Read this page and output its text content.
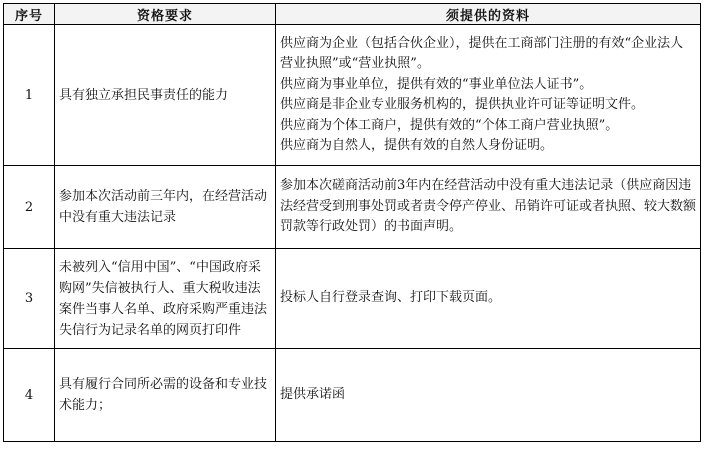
序号	资格要求	须提供的资料
1	具有独立承担民事责任的能力	供应商为企业（包括合伙企业），提供在工商部门注册的有效“企业法人营业执照”或“营业执照”。
供应商为事业单位，提供有效的“事业单位法人证书”。
供应商是非企业专业服务机构的，提供执业许可证等证明文件。
供应商为个体工商户，提供有效的“个体工商户营业执照”。
供应商为自然人，提供有效的自然人身份证明。

2	参加本次活动前三年内，在经营活动中没有重大违法记录	参加本次磋商活动前3年内在经营活动中没有重大违法记录（供应商因违法经营受到刑事处罚或者责令停产停业、吊销许可证或者执照、较大数额罚款等行政处罚）的书面声明。

3	未被列入“信用中国”、“中国政府采购网”失信被执行人、重大税收违法案件当事人名单、政府采购严重违法失信行为记录名单的网页打印件	投标人自行登录查询、打印下载页面。

4	具有履行合同所必需的设备和专业技术能力；	提供承诺函
